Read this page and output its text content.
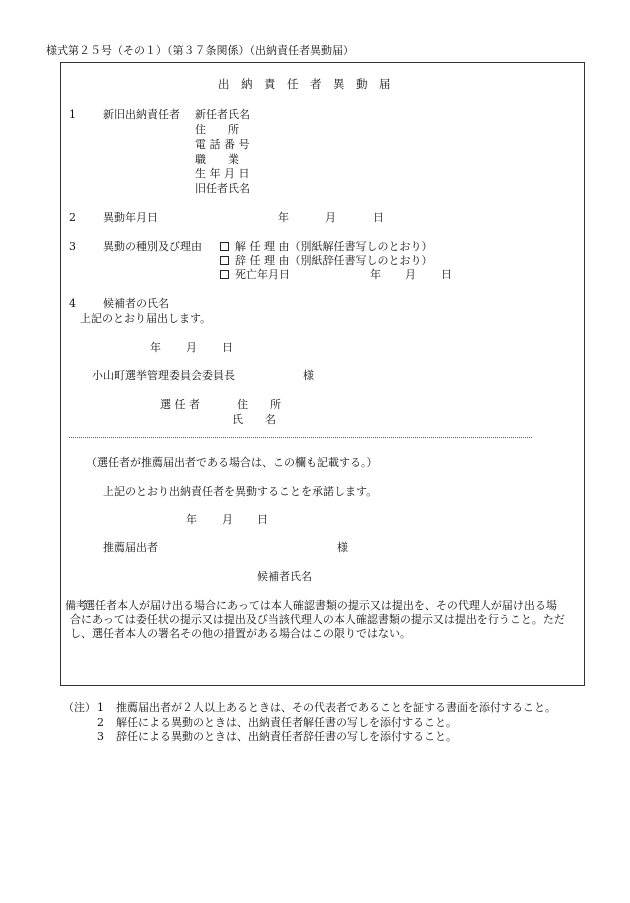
様式第２５号（その１）（第３７条関係）（出納責任者異動届）
出　納　責　任　者　異　動　届
1 新旧出納責任者 新任者氏名
住　　所
電 話 番 号
職　　業
生 年 月 日
旧任者氏名
2 異動年月日	年	月	日
3 異動の種別及び理由	解 任 理 由（別紙解任書写しのとおり）
辞 任 理 由（別紙辞任書写しのとおり）
死亡年月日	年 月 日
4 候補者の氏名
上記のとおり届出します。
年 月 日
小山町選挙管理委員会委員長	様
選 任 者	住　　所
氏　　名
（選任者が推薦届出者である場合は、この欄も記載する。）
上記のとおり出納責任者を異動することを承諾します。
年 月 日
推薦届出者	様
候補者氏名
備考
選任者本人が届け出る場合にあっては本人確認書類の提示又は提出を、その代理人が届け出る場合にあっては委任状の提示又は提出及び当該代理人の本人確認書類の提示又は提出を行うこと。ただし、選任者本人の署名その他の措置がある場合はこの限りではない。
（注） 1 推薦届出者が２人以上あるときは、その代表者であることを証する書面を添付すること。
2 解任による異動のときは、出納責任者解任書の写しを添付すること。
3 辞任による異動のときは、出納責任者辞任書の写しを添付すること。
